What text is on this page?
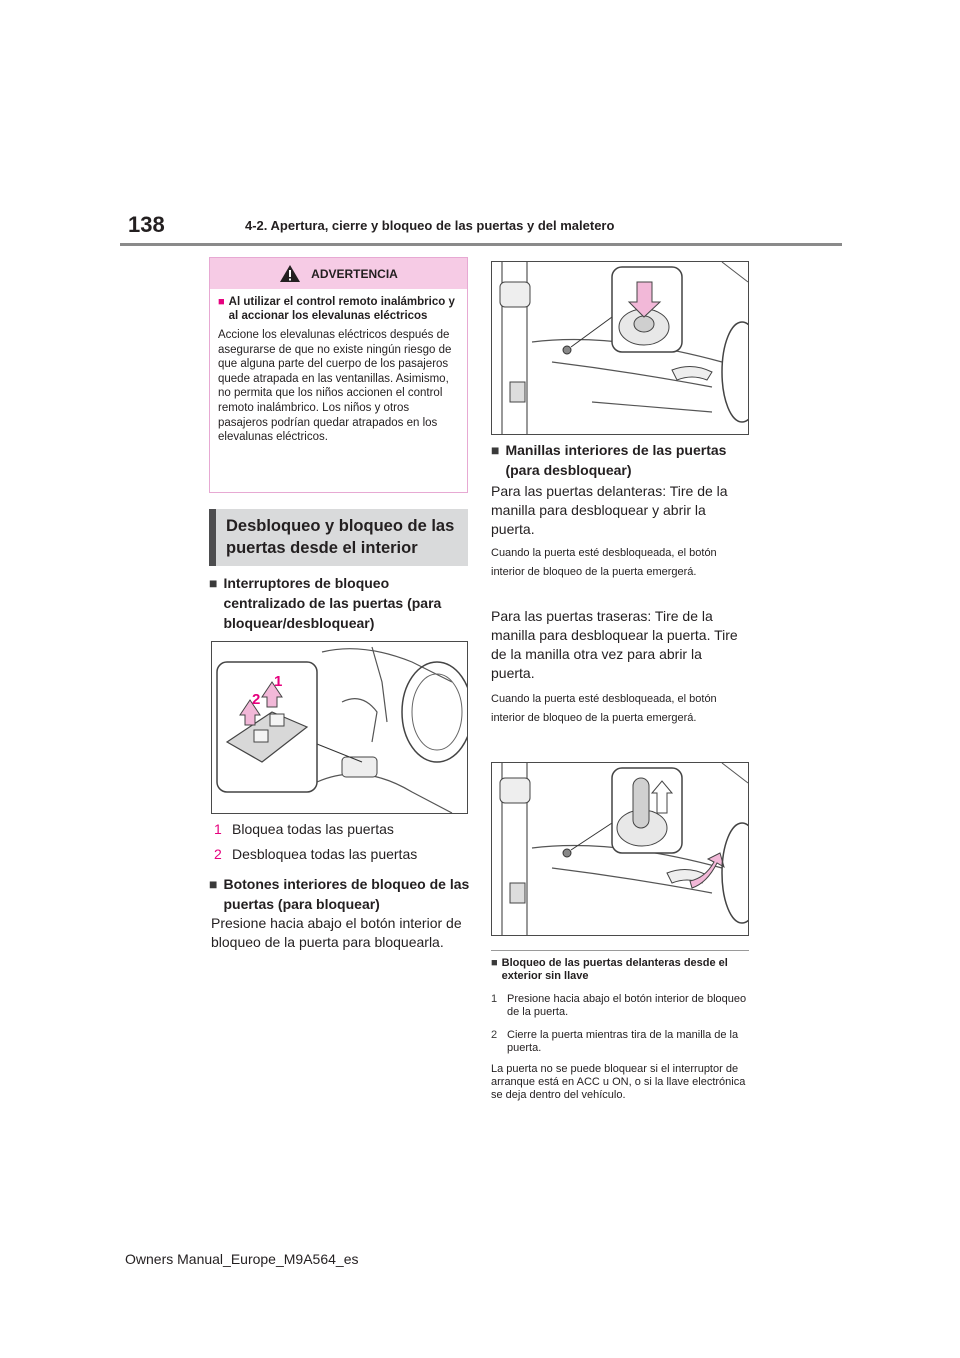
138	4-2. Apertura, cierre y bloqueo de las puertas y del maletero
ADVERTENCIA
■ Al utilizar el control remoto inalámbrico y al accionar los elevalunas eléctricos

Accione los elevalunas eléctricos después de asegurarse de que no existe ningún riesgo de que alguna parte del cuerpo de los pasajeros quede atrapada en las ventanillas. Asimismo, no permita que los niños accionen el control remoto inalámbrico. Los niños y otros pasajeros podrían quedar atrapados en los elevalunas eléctricos.

Desbloqueo y bloqueo de las puertas desde el interior
■ Interruptores de bloqueo centralizado de las puertas (para bloquear/desbloquear)
1
2
1 Bloquea todas las puertas
2 Desbloquea todas las puertas
■ Botones interiores de bloqueo de las puertas (para bloquear)
Presione hacia abajo el botón interior de bloqueo de la puerta para bloquearla.
■ Manillas interiores de las puertas (para desbloquear)
Para las puertas delanteras: Tire de la manilla para desbloquear y abrir la puerta.
Cuando la puerta esté desbloqueada, el botón interior de bloqueo de la puerta emergerá.
Para las puertas traseras: Tire de la manilla para desbloquear la puerta. Tire de la manilla otra vez para abrir la puerta.
Cuando la puerta esté desbloqueada, el botón interior de bloqueo de la puerta emergerá.
■ Bloqueo de las puertas delanteras desde el exterior sin llave
1 Presione hacia abajo el botón interior de bloqueo de la puerta.
2 Cierre la puerta mientras tira de la manilla de la puerta.
La puerta no se puede bloquear si el interruptor de arranque está en ACC u ON, o si la llave electrónica se deja dentro del vehículo.
Owners Manual_Europe_M9A564_es
